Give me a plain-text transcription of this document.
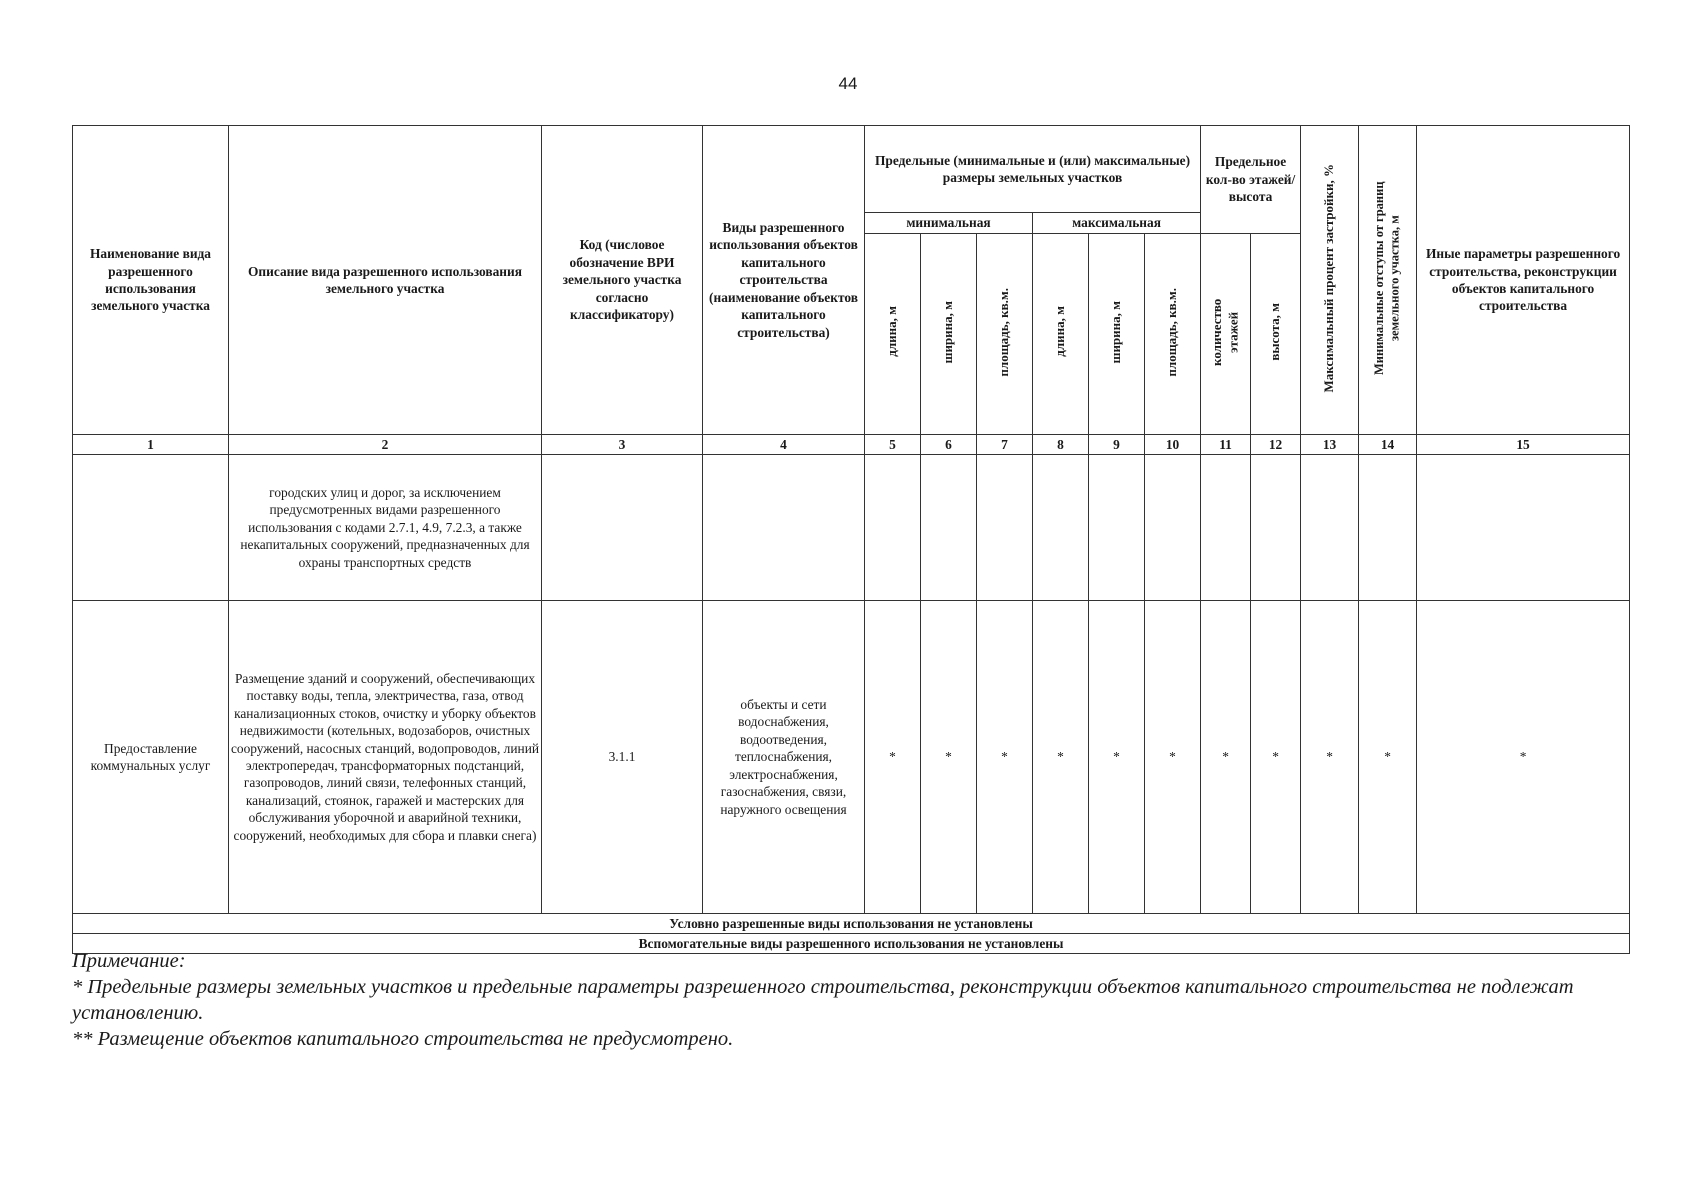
44
Наименование вида разрешенного использования земельного участка	Описание вида разрешенного использования земельного участка	Код (числовое обозначение ВРИ земельного участка согласно классификатору)	Виды разрешенного использования объектов капитального строительства (наименование объектов капитального строительства)	Предельные (минимальные и (или) максимальные) размеры земельных участков						Предельное кол-во этажей/ высота		Максимальный процент застройки, %	Минимальные отступы от границ земельного участка, м	Иные параметры разрешенного строительства, реконструкции объектов капитального строительства
				минимальная			максимальная							
				длина, м	ширина, м	площадь, кв.м.	длина, м	ширина, м	площадь, кв.м.	количество этажей	высота, м			
1	2	3	4	5	6	7	8	9	10	11	12	13	14	15
	городских улиц и дорог, за исключением предусмотренных видами разрешенного использования с кодами 2.7.1, 4.9, 7.2.3, а также некапитальных сооружений, предназначенных для охраны транспортных средств													
Предоставление коммунальных услуг	Размещение зданий и сооружений, обеспечивающих поставку воды, тепла, электричества, газа, отвод канализационных стоков, очистку и уборку объектов недвижимости (котельных, водозаборов, очистных сооружений, насосных станций, водопроводов, линий электропередач, трансформаторных подстанций, газопроводов, линий связи, телефонных станций, канализаций, стоянок, гаражей и мастерских для обслуживания уборочной и аварийной техники, сооружений, необходимых для сбора и плавки снега)	3.1.1	объекты и сети водоснабжения, водоотведения, теплоснабжения, электроснабжения, газоснабжения, связи, наружного освещения	*	*	*	*	*	*	*	*	*	*	*
Условно разрешенные виды использования не установлены														
Вспомогательные виды разрешенного использования не установлены														

Примечание:

* Предельные размеры земельных участков и предельные параметры разрешенного строительства, реконструкции объектов капитального строительства не подлежат установлению.

** Размещение объектов капитального строительства не предусмотрено.
